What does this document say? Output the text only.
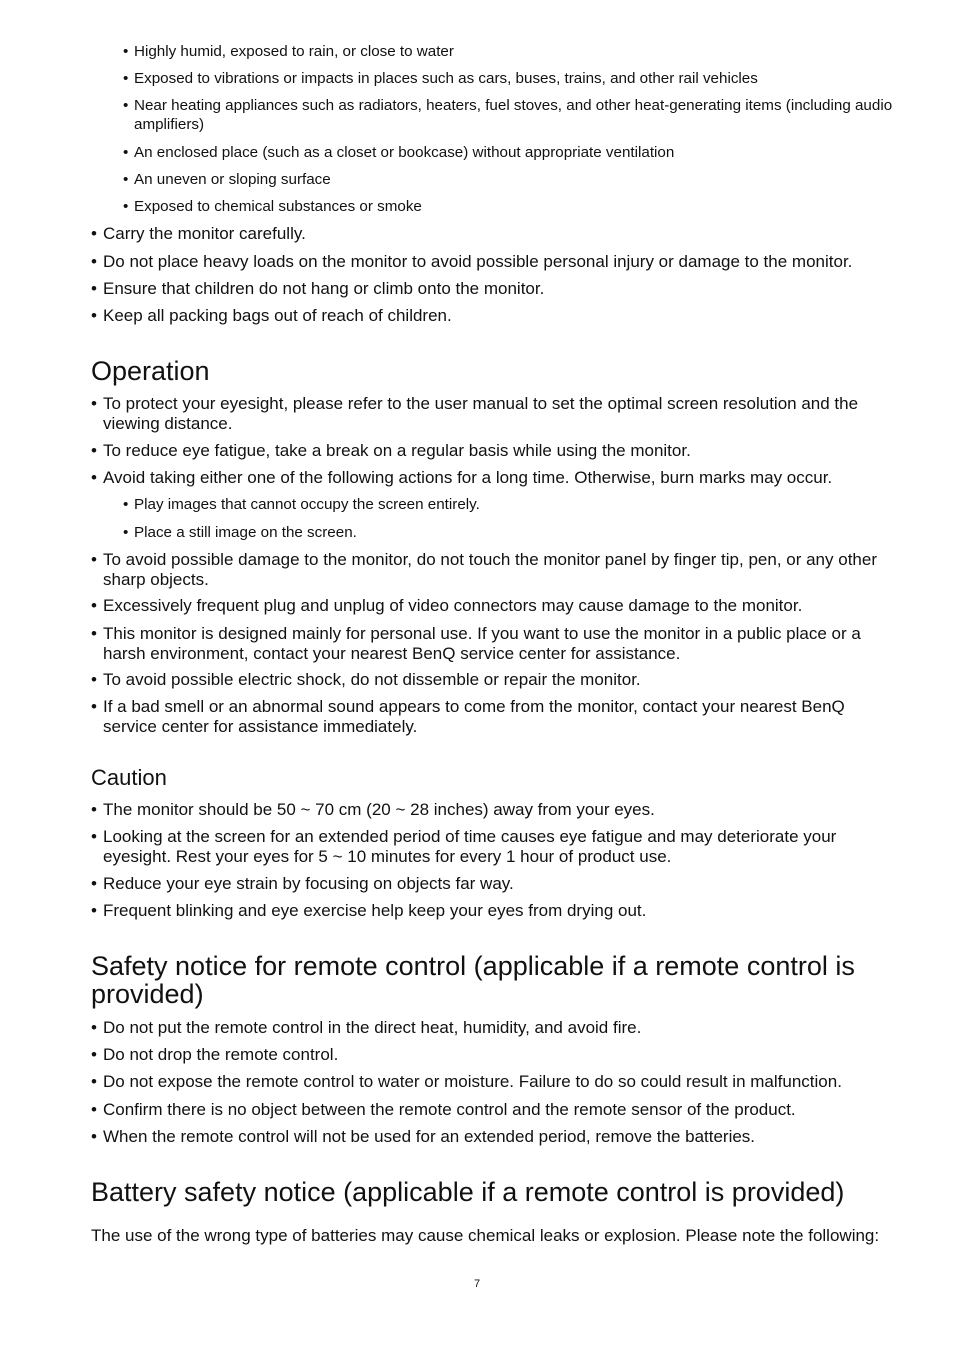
• Highly humid, exposed to rain, or close to water
• Exposed to vibrations or impacts in places such as cars, buses, trains, and other rail vehicles
• Near heating appliances such as radiators, heaters, fuel stoves, and other heat-generating items (including audio amplifiers)
• An enclosed place (such as a closet or bookcase) without appropriate ventilation
• An uneven or sloping surface
• Exposed to chemical substances or smoke
• Carry the monitor carefully.
• Do not place heavy loads on the monitor to avoid possible personal injury or damage to the monitor.
• Ensure that children do not hang or climb onto the monitor.
• Keep all packing bags out of reach of children.
Operation
• To protect your eyesight, please refer to the user manual to set the optimal screen resolution and the viewing distance.
• To reduce eye fatigue, take a break on a regular basis while using the monitor.
• Avoid taking either one of the following actions for a long time. Otherwise, burn marks may occur.
• Play images that cannot occupy the screen entirely.
• Place a still image on the screen.
• To avoid possible damage to the monitor, do not touch the monitor panel by finger tip, pen, or any other sharp objects.
• Excessively frequent plug and unplug of video connectors may cause damage to the monitor.
• This monitor is designed mainly for personal use. If you want to use the monitor in a public place or a harsh environment, contact your nearest BenQ service center for assistance.
• To avoid possible electric shock, do not dissemble or repair the monitor.
• If a bad smell or an abnormal sound appears to come from the monitor, contact your nearest BenQ service center for assistance immediately.
Caution
• The monitor should be 50 ~ 70 cm (20 ~ 28 inches) away from your eyes.
• Looking at the screen for an extended period of time causes eye fatigue and may deteriorate your eyesight. Rest your eyes for 5 ~ 10 minutes for every 1 hour of product use.
• Reduce your eye strain by focusing on objects far way.
• Frequent blinking and eye exercise help keep your eyes from drying out.
Safety notice for remote control (applicable if a remote control is provided)
• Do not put the remote control in the direct heat, humidity, and avoid fire.
• Do not drop the remote control.
• Do not expose the remote control to water or moisture. Failure to do so could result in malfunction.
• Confirm there is no object between the remote control and the remote sensor of the product.
• When the remote control will not be used for an extended period, remove the batteries.
Battery safety notice (applicable if a remote control is provided)
The use of the wrong type of batteries may cause chemical leaks or explosion. Please note the following:
7
